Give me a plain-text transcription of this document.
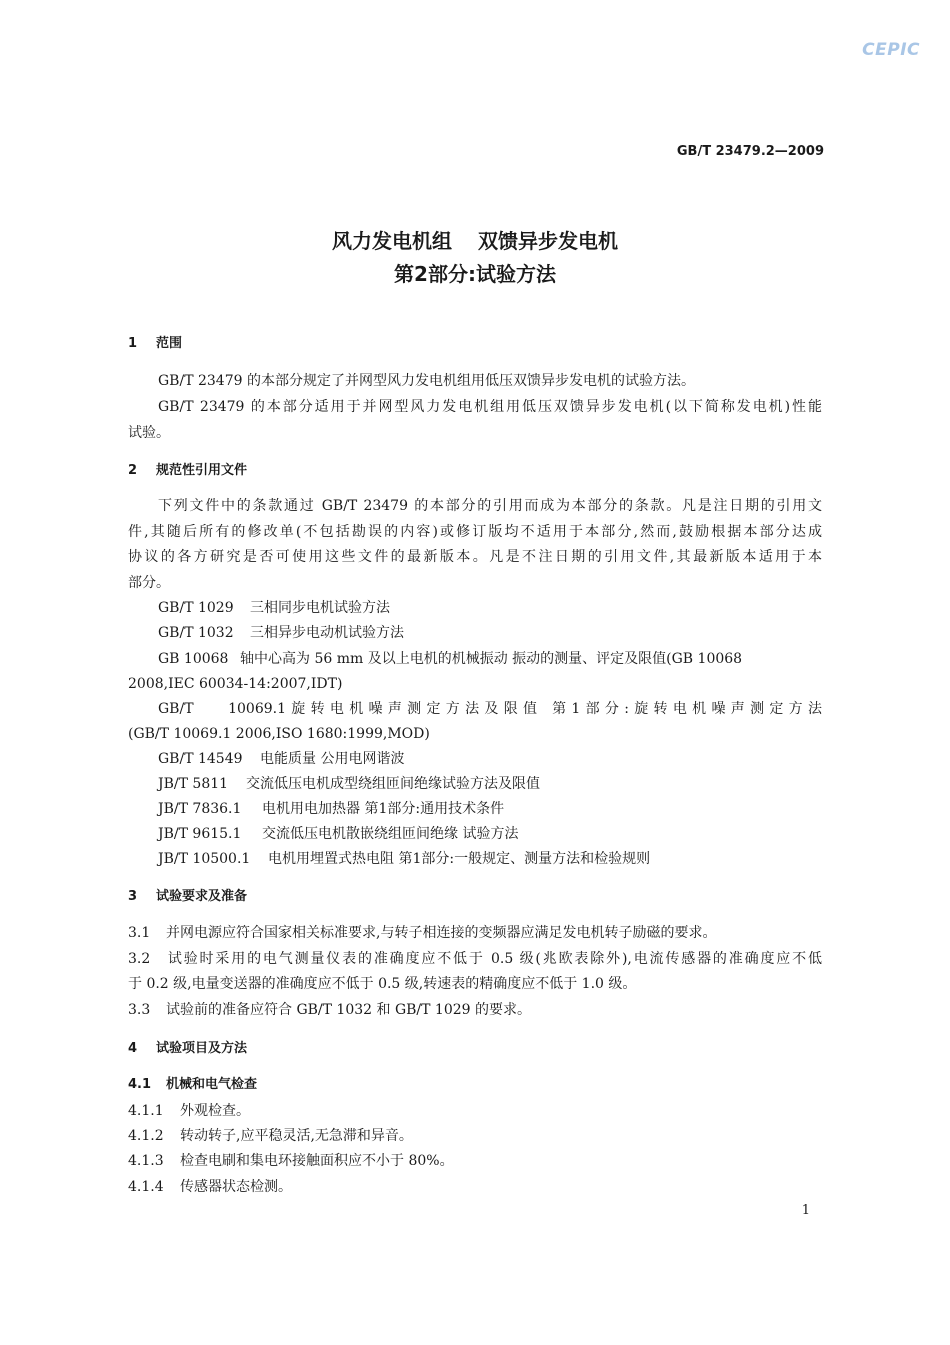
CEPIC
GB/T 23479.2—2009
风力发电机组 双馈异步发电机
第2部分:试验方法
1 范围
GB/T 23479 的本部分规定了并网型风力发电机组用低压双馈异步发电机的试验方法。
GB/T 23479 的本部分适用于并网型风力发电机组用低压双馈异步发电机(以下简称发电机)性能
试验。
2 规范性引用文件
下列文件中的条款通过 GB/T 23479 的本部分的引用而成为本部分的条款。凡是注日期的引用文
件,其随后所有的修改单(不包括勘误的内容)或修订版均不适用于本部分,然而,鼓励根据本部分达成
协议的各方研究是否可使用这些文件的最新版本。凡是不注日期的引用文件,其最新版本适用于本
部分。
GB/T 1029 三相同步电机试验方法
GB/T 1032 三相异步电动机试验方法
GB 10068 轴中心高为 56 mm 及以上电机的机械振动 振动的测量、评定及限值(GB 10068
2008,IEC 60034-14:2007,IDT)
GB/T 10069.1旋转电机噪声测定方法及限值 第1部分:旋转电机噪声测定方法
(GB/T 10069.1 2006,ISO 1680:1999,MOD)
GB/T 14549 电能质量 公用电网谐波
JB/T 5811 交流低压电机成型绕组匝间绝缘试验方法及限值
JB/T 7836.1 电机用电加热器 第1部分:通用技术条件
JB/T 9615.1 交流低压电机散嵌绕组匝间绝缘 试验方法
JB/T 10500.1 电机用埋置式热电阻 第1部分:一般规定、测量方法和检验规则
3 试验要求及准备
3.1 并网电源应符合国家相关标准要求,与转子相连接的变频器应满足发电机转子励磁的要求。
3.2 试验时采用的电气测量仪表的准确度应不低于 0.5 级(兆欧表除外),电流传感器的准确度应不低
于 0.2 级,电量变送器的准确度应不低于 0.5 级,转速表的精确度应不低于 1.0 级。
3.3 试验前的准备应符合 GB/T 1032 和 GB/T 1029 的要求。
4 试验项目及方法
4.1 机械和电气检查
4.1.1 外观检查。
4.1.2 转动转子,应平稳灵活,无急滞和异音。
4.1.3 检查电刷和集电环接触面积应不小于 80%。
4.1.4 传感器状态检测。
1
